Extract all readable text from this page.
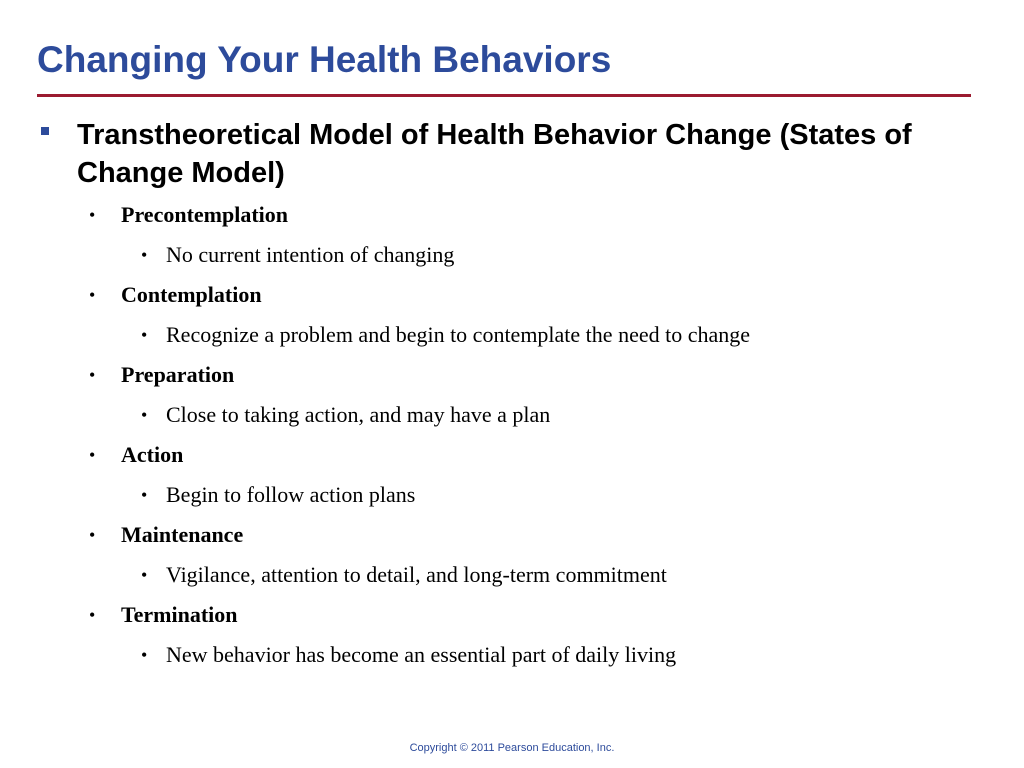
Changing Your Health Behaviors

Transtheoretical Model of Health Behavior Change (States of Change Model)

• Precontemplation
• No current intention of changing
• Contemplation
• Recognize a problem and begin to contemplate the need to change
• Preparation
• Close to taking action, and may have a plan
• Action
• Begin to follow action plans
• Maintenance
• Vigilance, attention to detail, and long-term commitment
• Termination
• New behavior has become an essential part of daily living
Copyright © 2011 Pearson Education, Inc.
